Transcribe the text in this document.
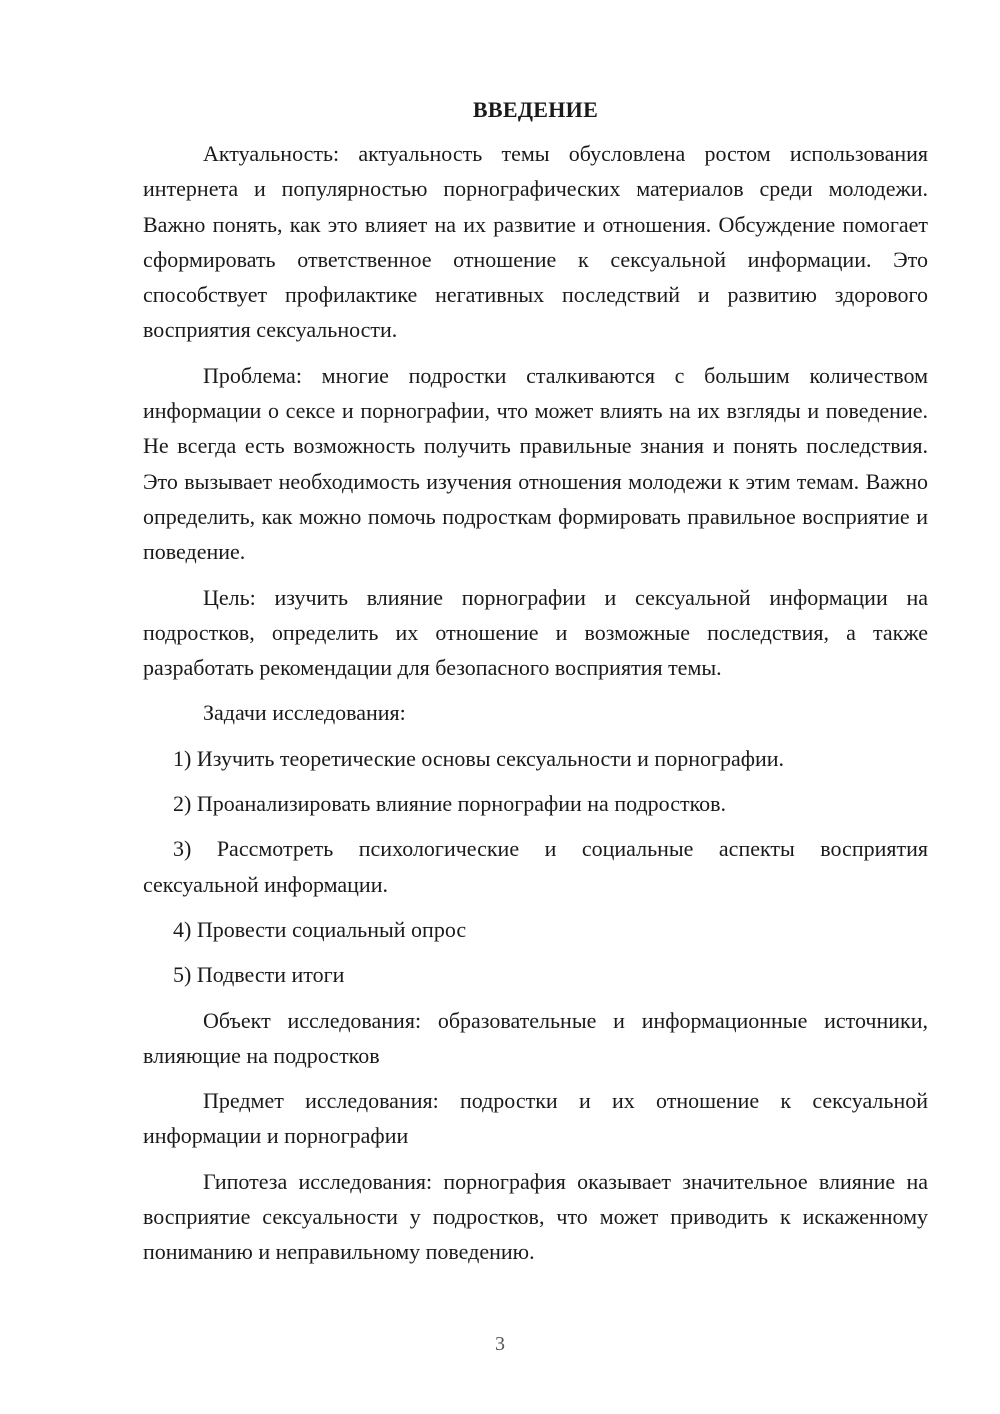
ВВЕДЕНИЕ

Актуальность: актуальность темы обусловлена ростом использования интернета и популярностью порнографических материалов среди молодежи. Важно понять, как это влияет на их развитие и отношения. Обсуждение помогает сформировать ответственное отношение к сексуальной информации. Это способствует профилактике негативных последствий и развитию здорового восприятия сексуальности.

Проблема: многие подростки сталкиваются с большим количеством информации о сексе и порнографии, что может влиять на их взгляды и поведение. Не всегда есть возможность получить правильные знания и понять последствия. Это вызывает необходимость изучения отношения молодежи к этим темам. Важно определить, как можно помочь подросткам формировать правильное восприятие и поведение.

Цель: изучить влияние порнографии и сексуальной информации на подростков, определить их отношение и возможные последствия, а также разработать рекомендации для безопасного восприятия темы.

Задачи исследования:

1) Изучить теоретические основы сексуальности и порнографии.

2) Проанализировать влияние порнографии на подростков.

3) Рассмотреть психологические и социальные аспекты восприятия сексуальной информации.

4) Провести социальный опрос

5) Подвести итоги

Объект исследования: образовательные и информационные источники, влияющие на подростков

Предмет исследования: подростки и их отношение к сексуальной информации и порнографии

Гипотеза исследования: порнография оказывает значительное влияние на восприятие сексуальности у подростков, что может приводить к искаженному пониманию и неправильному поведению.

3
